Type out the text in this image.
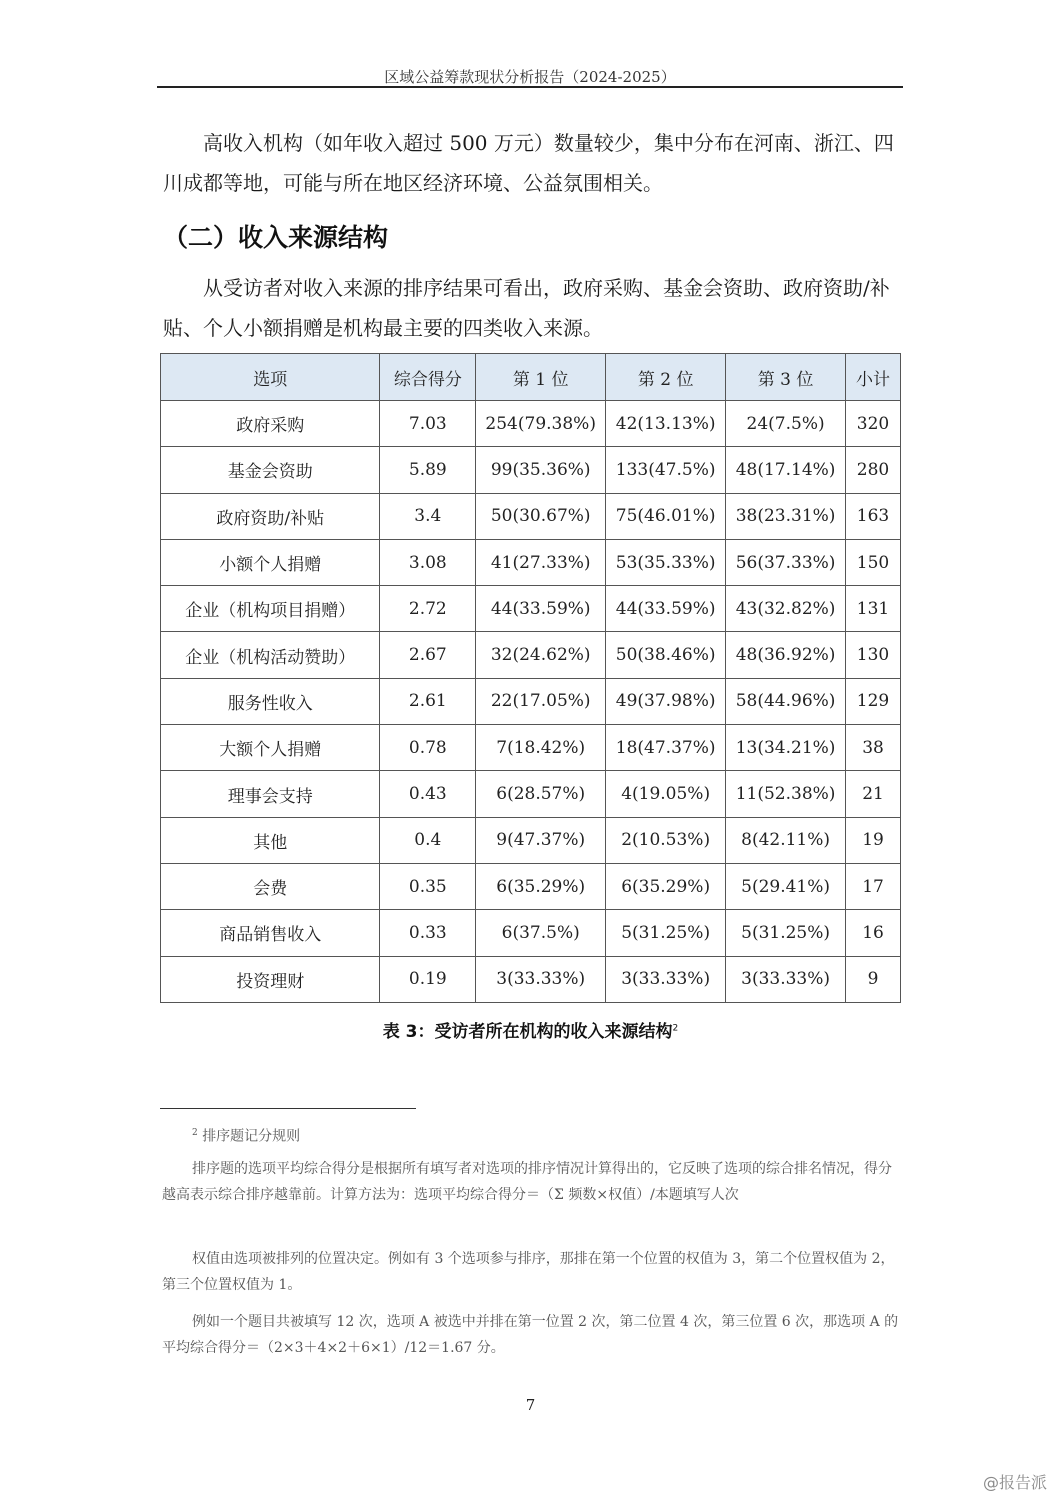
区域公益筹款现状分析报告（2024-2025）

高收入机构（如年收入超过 500 万元）数量较少，集中分布在河南、浙江、四川成都等地，可能与所在地区经济环境、公益氛围相关。

（二）收入来源结构

从受访者对收入来源的排序结果可看出，政府采购、基金会资助、政府资助/补贴、个人小额捐赠是机构最主要的四类收入来源。

选项	综合得分	第 1 位	第 2 位	第 3 位	小计
政府采购	7.03	254(79.38%)	42(13.13%)	24(7.5%)	320
基金会资助	5.89	99(35.36%)	133(47.5%)	48(17.14%)	280
政府资助/补贴	3.4	50(30.67%)	75(46.01%)	38(23.31%)	163
小额个人捐赠	3.08	41(27.33%)	53(35.33%)	56(37.33%)	150
企业（机构项目捐赠）	2.72	44(33.59%)	44(33.59%)	43(32.82%)	131
企业（机构活动赞助）	2.67	32(24.62%)	50(38.46%)	48(36.92%)	130
服务性收入	2.61	22(17.05%)	49(37.98%)	58(44.96%)	129
大额个人捐赠	0.78	7(18.42%)	18(47.37%)	13(34.21%)	38
理事会支持	0.43	6(28.57%)	4(19.05%)	11(52.38%)	21
其他	0.4	9(47.37%)	2(10.53%)	8(42.11%)	19
会费	0.35	6(35.29%)	6(35.29%)	5(29.41%)	17
商品销售收入	0.33	6(37.5%)	5(31.25%)	5(31.25%)	16
投资理财	0.19	3(33.33%)	3(33.33%)	3(33.33%)	9
表 3：受访者所在机构的收入来源结构$^2$

$^2$ 排序题记分规则

排序题的选项平均综合得分是根据所有填写者对选项的排序情况计算得出的，它反映了选项的综合排名情况，得分越高表示综合排序越靠前。计算方法为：选项平均综合得分＝（Σ 频数×权值）/本题填写人次

权值由选项被排列的位置决定。例如有 3 个选项参与排序，那排在第一个位置的权值为 3，第二个位置权值为 2，第三个位置权值为 1。

例如一个题目共被填写 12 次，选项 A 被选中并排在第一位置 2 次，第二位置 4 次，第三位置 6 次，那选项 A 的平均综合得分＝（2×3＋4×2＋6×1）/12＝1.67 分。

7
@报告派
